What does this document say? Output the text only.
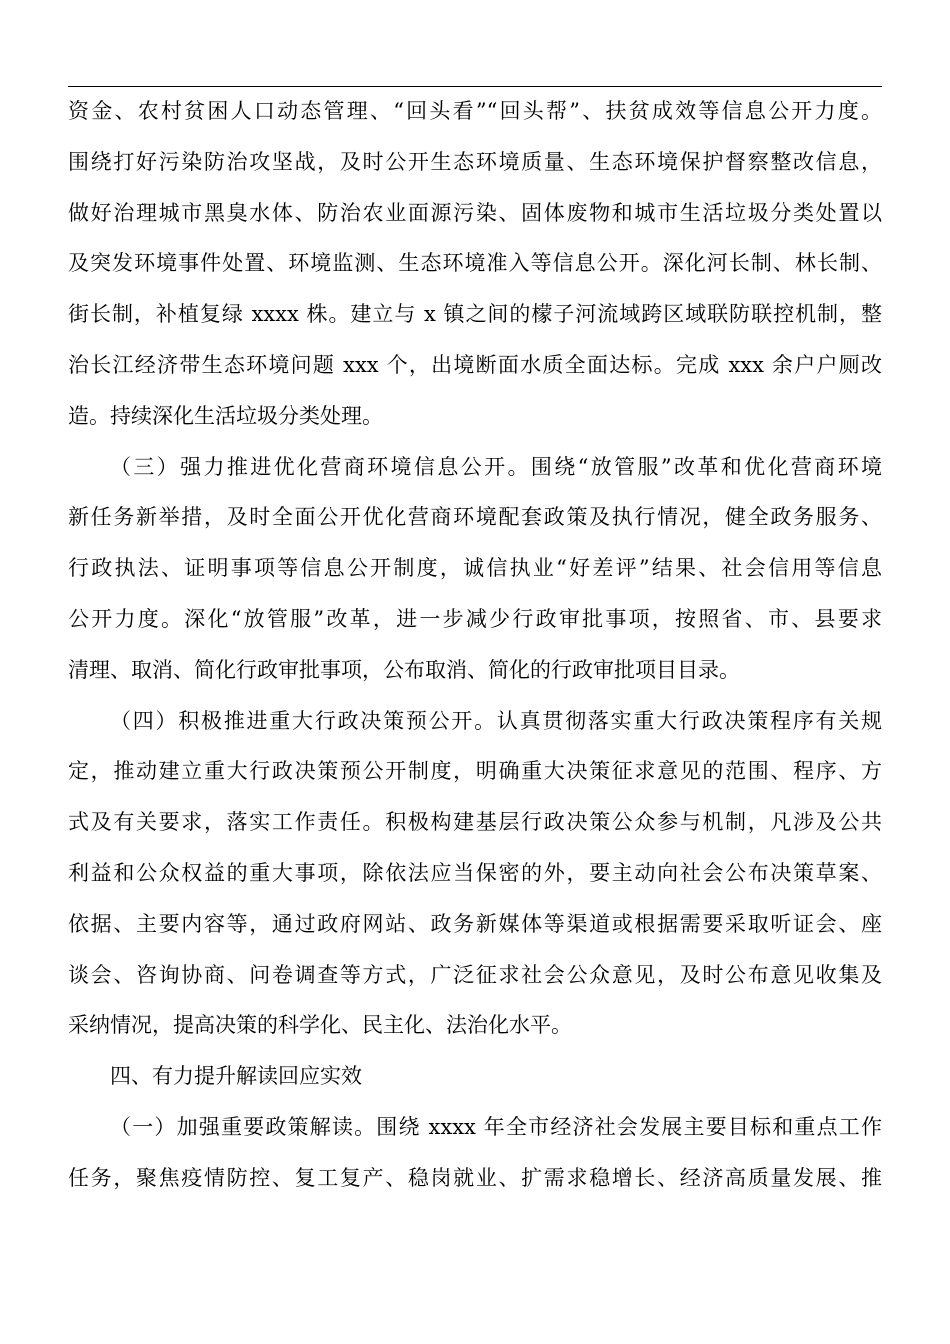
资金、农村贫困人口动态管理、“回头看”“回头帮”、扶贫成效等信息公开力度。
围绕打好污染防治攻坚战，及时公开生态环境质量、生态环境保护督察整改信息，
做好治理城市黑臭水体、防治农业面源污染、固体废物和城市生活垃圾分类处置以
及突发环境事件处置、环境监测、生态环境准入等信息公开。深化河长制、林长制、
街长制，补植复绿 xxxx 株。建立与 x 镇之间的檬子河流域跨区域联防联控机制，整
治长江经济带生态环境问题 xxx 个，出境断面水质全面达标。完成 xxx 余户户厕改
造。持续深化生活垃圾分类处理。
（三）强力推进优化营商环境信息公开。围绕“放管服”改革和优化营商环境
新任务新举措，及时全面公开优化营商环境配套政策及执行情况，健全政务服务、
行政执法、证明事项等信息公开制度，诚信执业“好差评”结果、社会信用等信息
公开力度。深化“放管服”改革，进一步减少行政审批事项，按照省、市、县要求
清理、取消、简化行政审批事项，公布取消、简化的行政审批项目目录。
（四）积极推进重大行政决策预公开。认真贯彻落实重大行政决策程序有关规
定，推动建立重大行政决策预公开制度，明确重大决策征求意见的范围、程序、方
式及有关要求，落实工作责任。积极构建基层行政决策公众参与机制，凡涉及公共
利益和公众权益的重大事项，除依法应当保密的外，要主动向社会公布决策草案、
依据、主要内容等，通过政府网站、政务新媒体等渠道或根据需要采取听证会、座
谈会、咨询协商、问卷调查等方式，广泛征求社会公众意见，及时公布意见收集及
采纳情况，提高决策的科学化、民主化、法治化水平。
四、有力提升解读回应实效
（一）加强重要政策解读。围绕 xxxx 年全市经济社会发展主要目标和重点工作
任务，聚焦疫情防控、复工复产、稳岗就业、扩需求稳增长、经济高质量发展、推
